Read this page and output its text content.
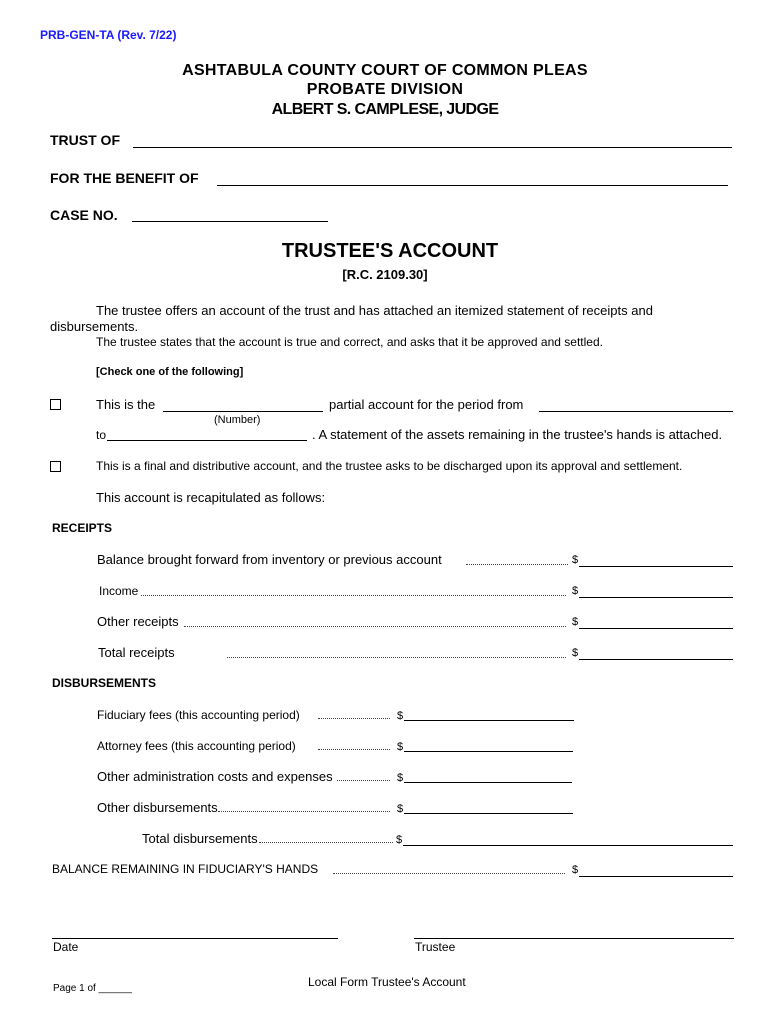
PRB-GEN-TA (Rev. 7/22)
ASHTABULA COUNTY COURT OF COMMON PLEAS
PROBATE DIVISION
ALBERT S. CAMPLESE, JUDGE
TRUST OF
FOR THE BENEFIT OF
CASE NO.
TRUSTEE'S ACCOUNT
[R.C. 2109.30]
The trustee offers an account of the trust and has attached an itemized statement of receipts and
disbursements.
The trustee states that the account is true and correct, and asks that it be approved and settled.
[Check one of the following]
This is the	partial account for the period from
(Number)
to	. A statement of the assets remaining in the trustee's hands is attached.
This is a final and distributive account, and the trustee asks to be discharged upon its approval and settlement.
This account is recapitulated as follows:
RECEIPTS
Balance brought forward from inventory or previous account	$
Income	$
Other receipts	$
Total receipts	$
DISBURSEMENTS
Fiduciary fees (this accounting period)	$
Attorney fees (this accounting period)	$
Other administration costs and expenses	$
Other disbursements	$
Total disbursements	$
BALANCE REMAINING IN FIDUCIARY'S HANDS	$
Date	Trustee
Page 1 of ______	Local Form Trustee's Account
